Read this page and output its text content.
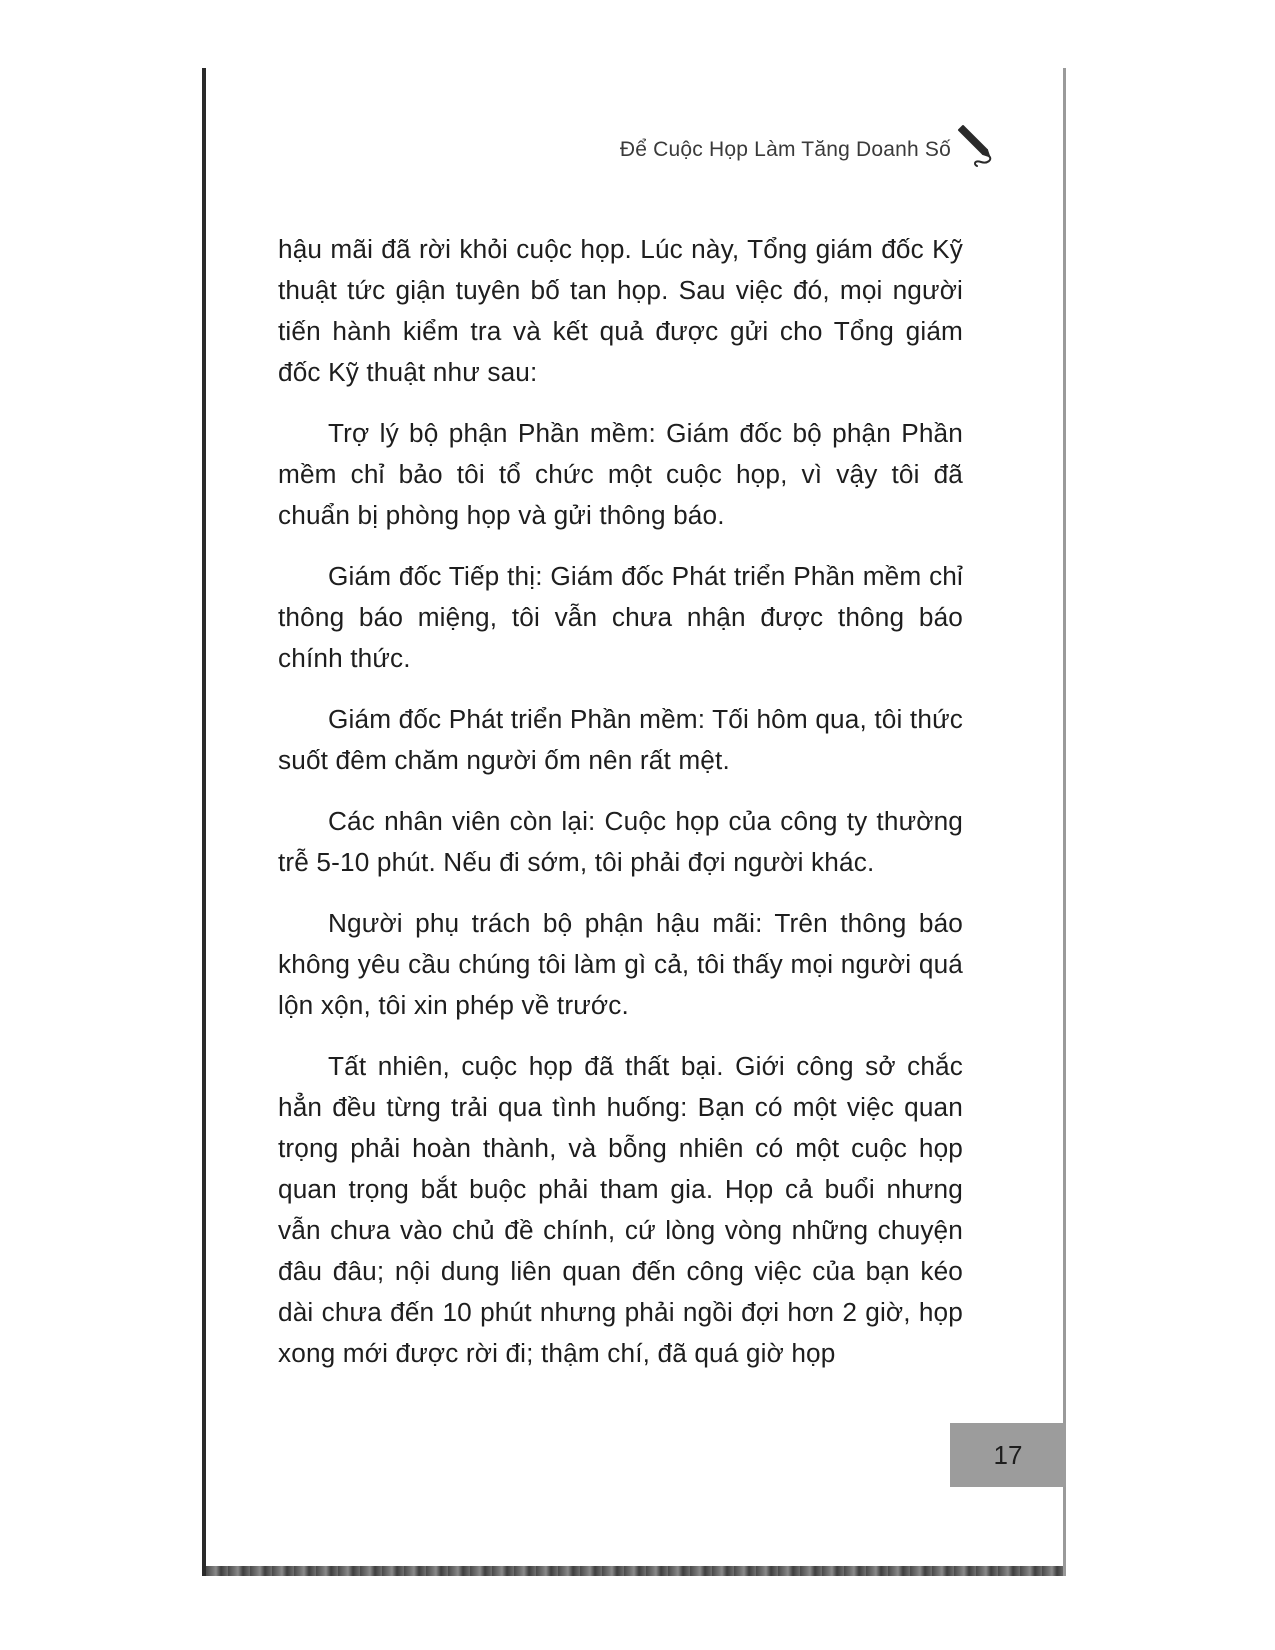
Để Cuộc Họp Làm Tăng Doanh Số

hậu mãi đã rời khỏi cuộc họp. Lúc này, Tổng giám đốc Kỹ thuật tức giận tuyên bố tan họp. Sau việc đó, mọi người tiến hành kiểm tra và kết quả được gửi cho Tổng giám đốc Kỹ thuật như sau:

Trợ lý bộ phận Phần mềm: Giám đốc bộ phận Phần mềm chỉ bảo tôi tổ chức một cuộc họp, vì vậy tôi đã chuẩn bị phòng họp và gửi thông báo.

Giám đốc Tiếp thị: Giám đốc Phát triển Phần mềm chỉ thông báo miệng, tôi vẫn chưa nhận được thông báo chính thức.

Giám đốc Phát triển Phần mềm: Tối hôm qua, tôi thức suốt đêm chăm người ốm nên rất mệt.

Các nhân viên còn lại: Cuộc họp của công ty thường trễ 5-10 phút. Nếu đi sớm, tôi phải đợi người khác.

Người phụ trách bộ phận hậu mãi: Trên thông báo không yêu cầu chúng tôi làm gì cả, tôi thấy mọi người quá lộn xộn, tôi xin phép về trước.

Tất nhiên, cuộc họp đã thất bại. Giới công sở chắc hẳn đều từng trải qua tình huống: Bạn có một việc quan trọng phải hoàn thành, và bỗng nhiên có một cuộc họp quan trọng bắt buộc phải tham gia. Họp cả buổi nhưng vẫn chưa vào chủ đề chính, cứ lòng vòng những chuyện đâu đâu; nội dung liên quan đến công việc của bạn kéo dài chưa đến 10 phút nhưng phải ngồi đợi hơn 2 giờ, họp xong mới được rời đi; thậm chí, đã quá giờ họp

17
